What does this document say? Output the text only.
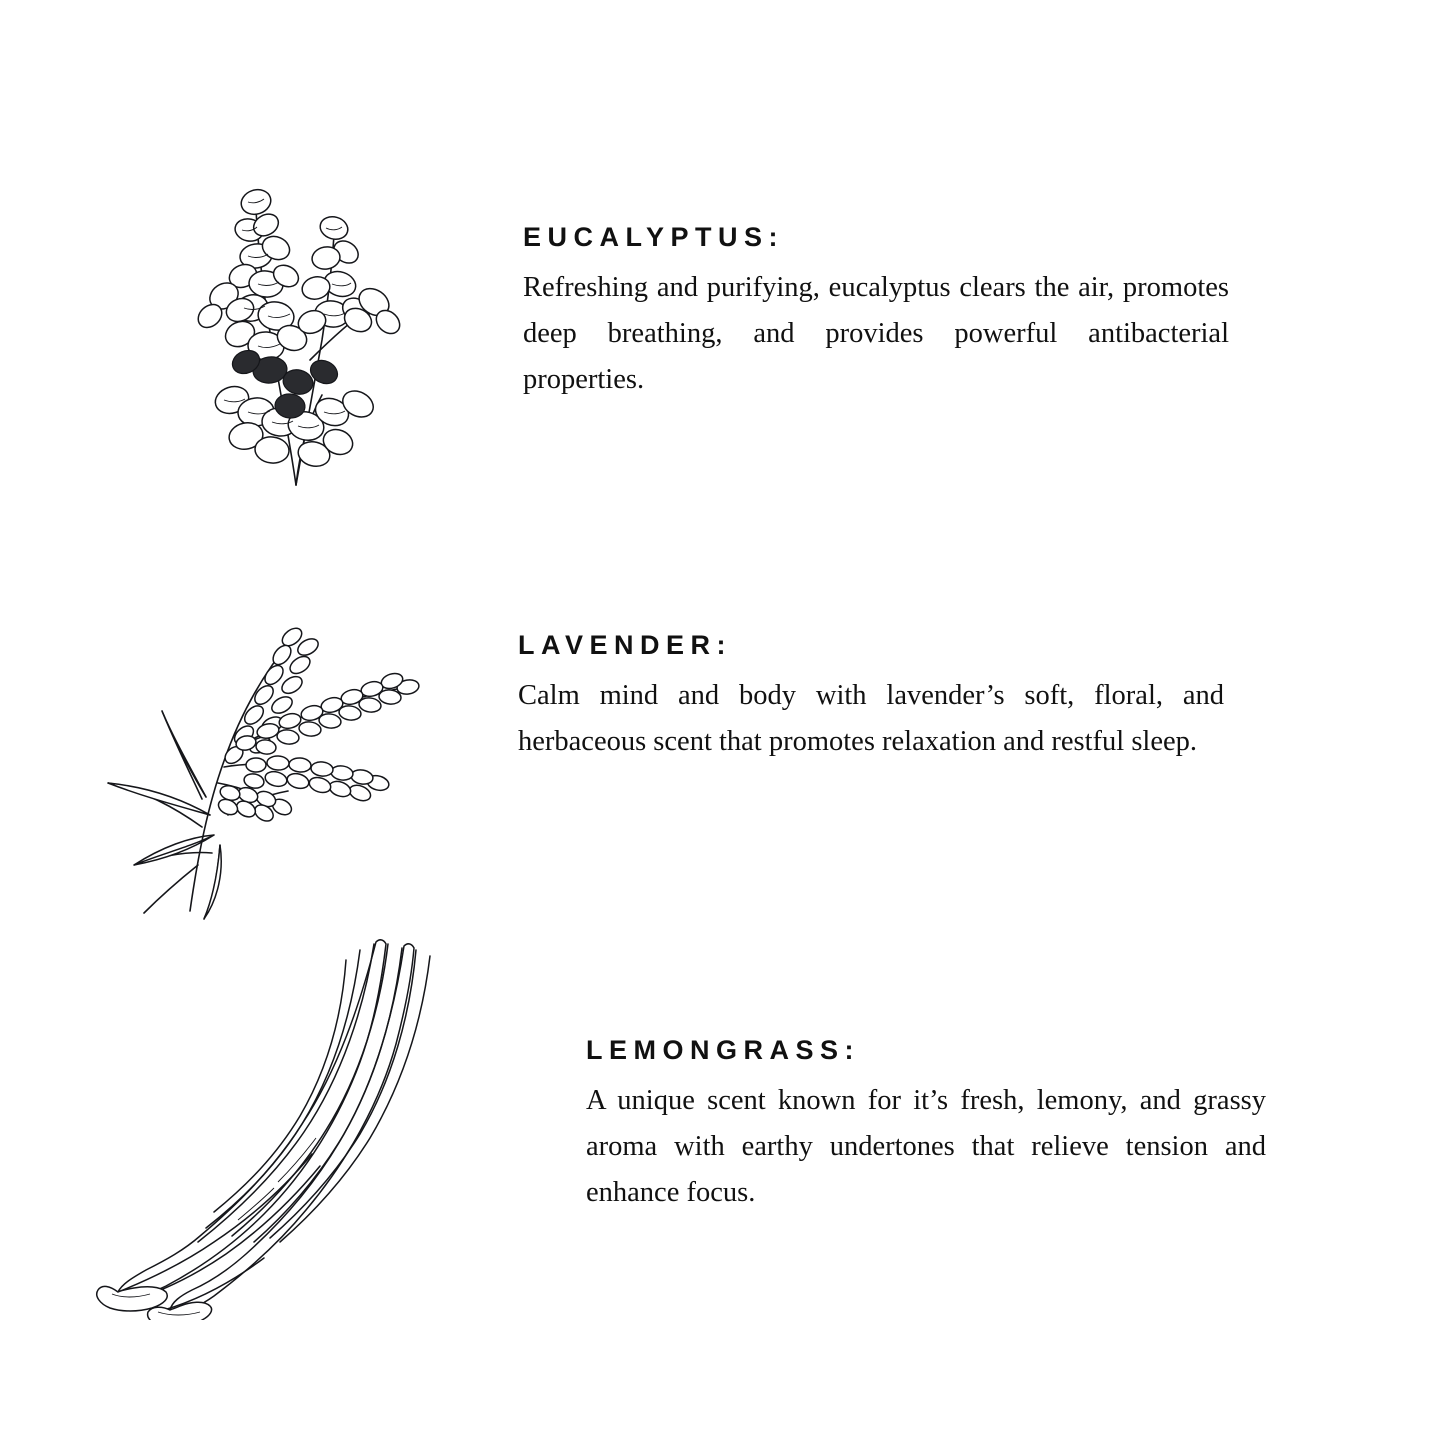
EUCALYPTUS:

Refreshing and purifying, eucalyptus clears the air, promotes deep breathing, and provides powerful antibacterial properties.

LAVENDER:

Calm mind and body with lavender’s soft, floral, and herbaceous scent that promotes relaxation and restful sleep.

LEMONGRASS:

A unique scent known for it’s fresh, lemony, and grassy aroma with earthy undertones that relieve tension and enhance focus.
